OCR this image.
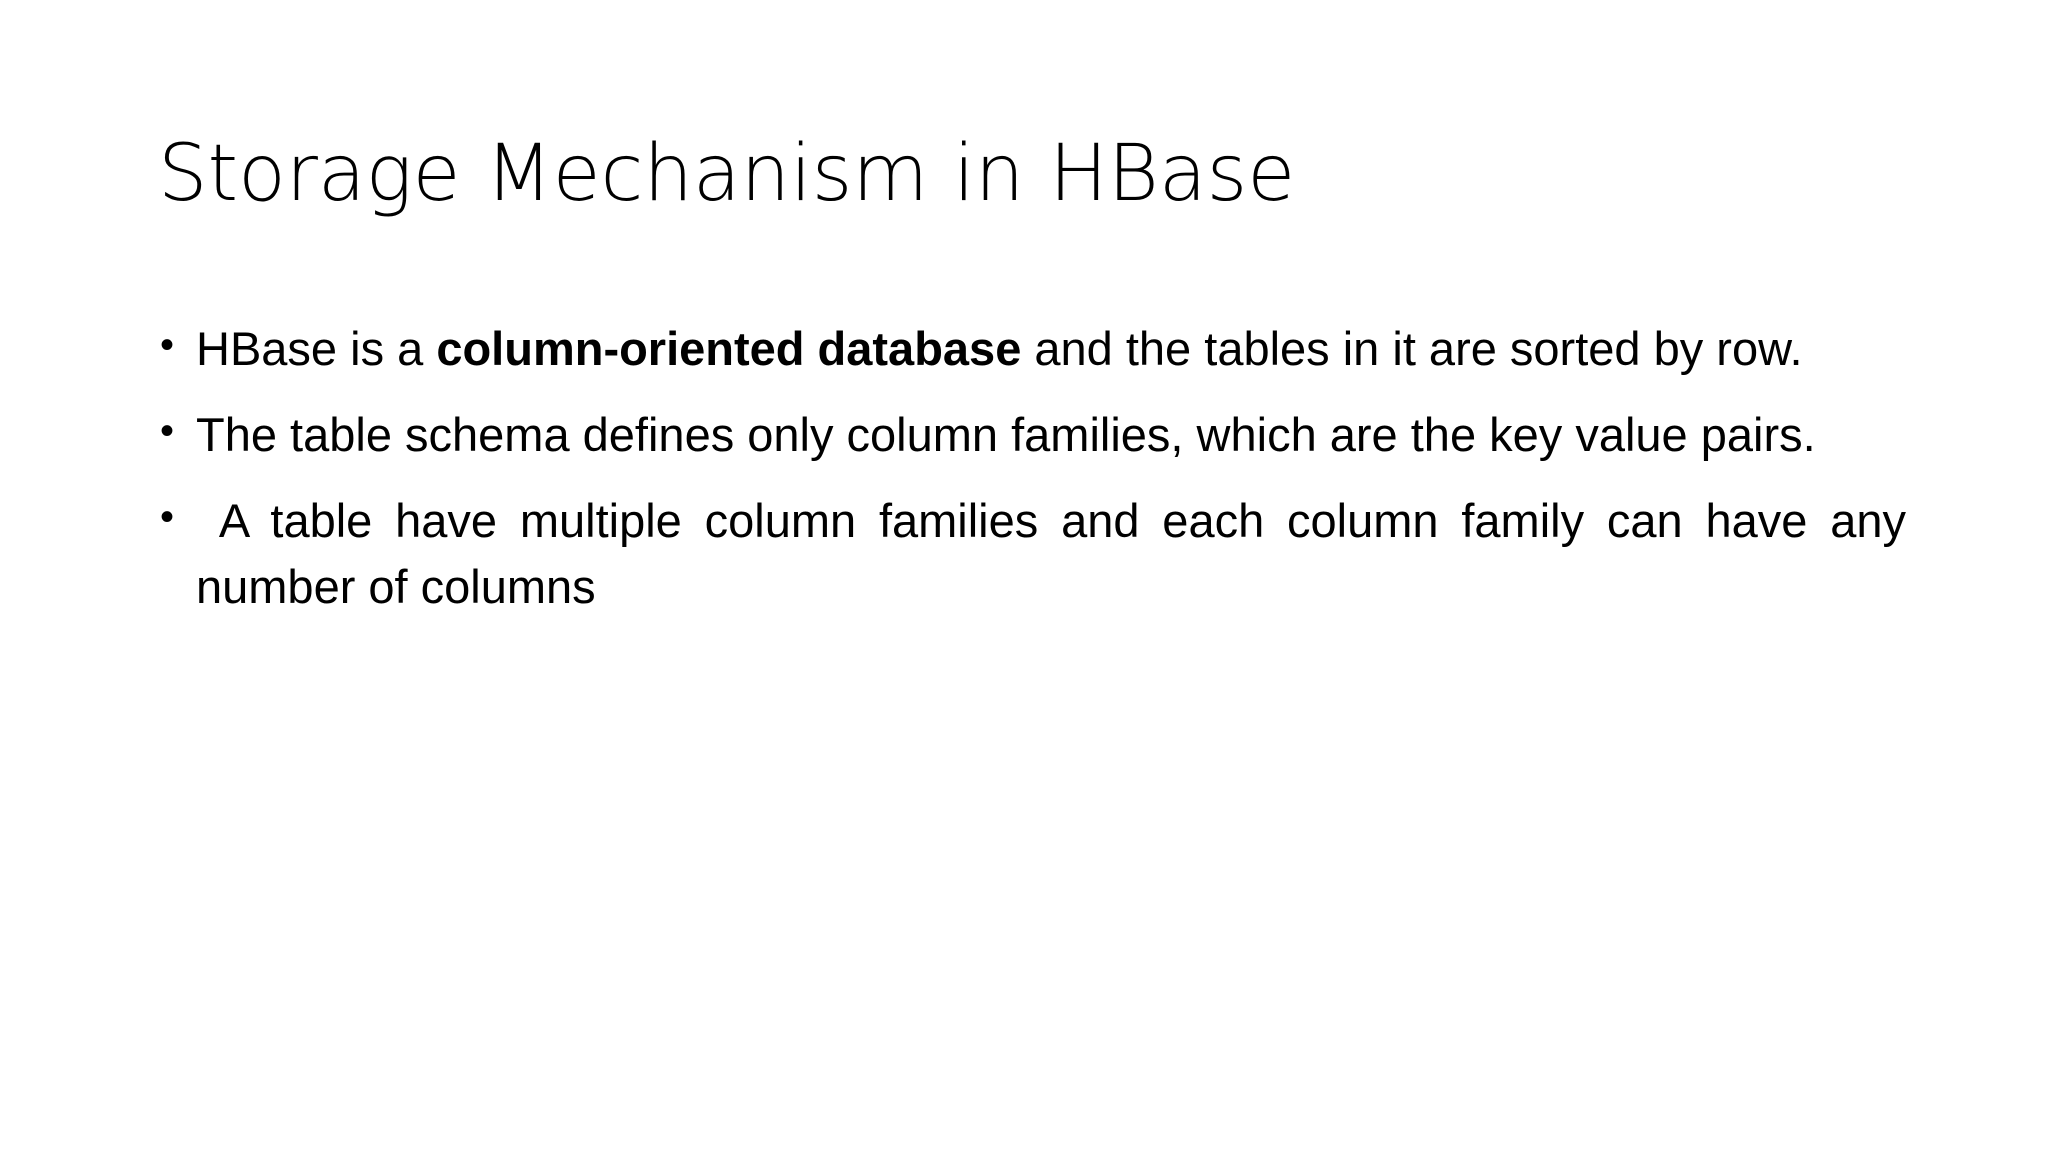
Storage Mechanism in HBase
• HBase is a column-oriented database and the tables in it are sorted by row.
• The table schema defines only column families, which are the key value pairs.
• A table have multiple column families and each column family can have any number of columns
